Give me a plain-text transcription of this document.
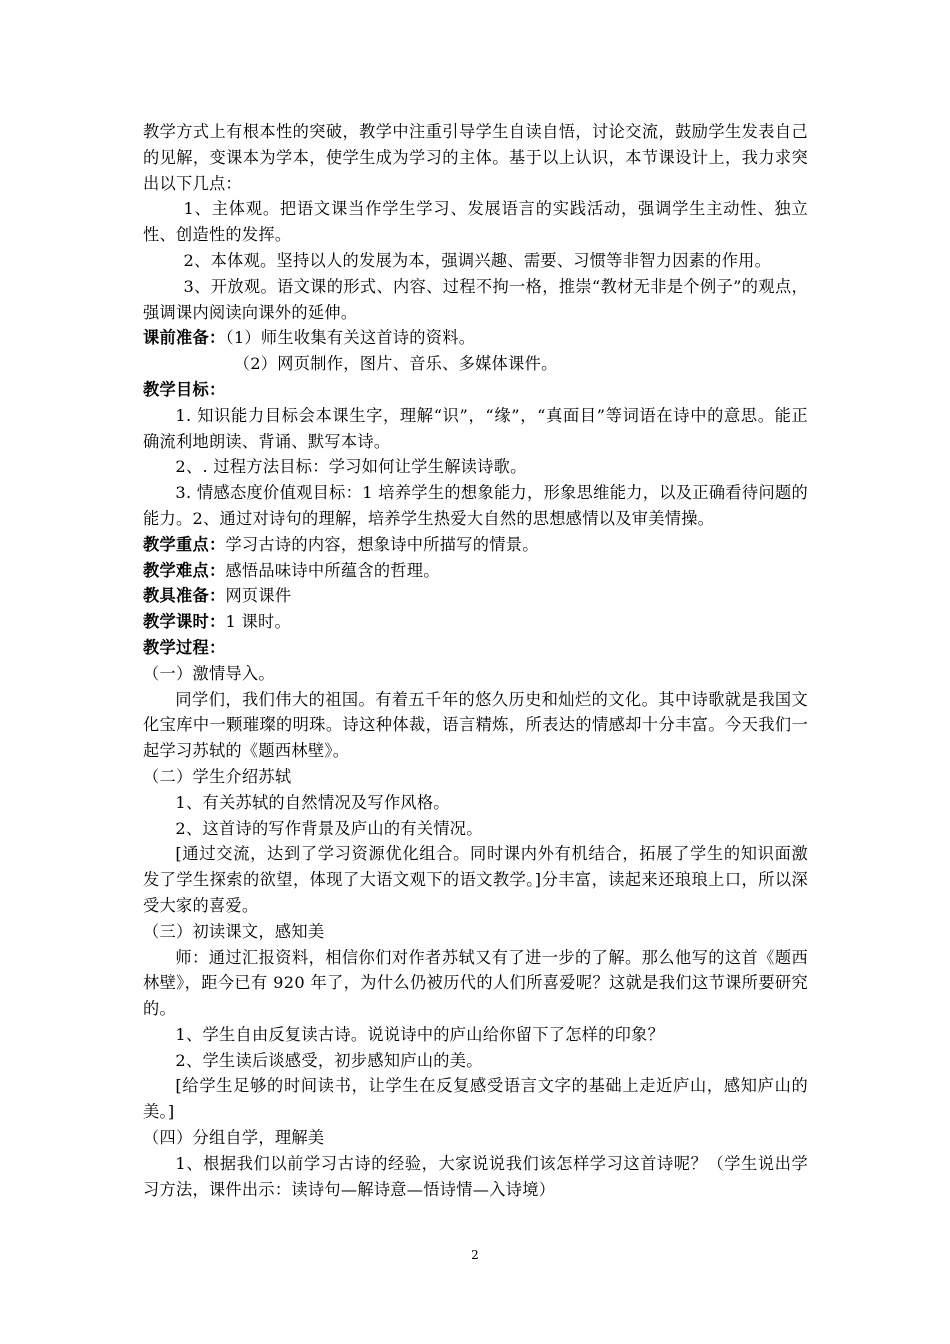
教学方式上有根本性的突破，教学中注重引导学生自读自悟，讨论交流，鼓励学生发表自己的见解，变课本为学本，使学生成为学习的主体。基于以上认识，本节课设计上，我力求突出以下几点：

1、主体观。把语文课当作学生学习、发展语言的实践活动，强调学生主动性、独立性、创造性的发挥。

2、本体观。坚持以人的发展为本，强调兴趣、需要、习惯等非智力因素的作用。

3、开放观。语文课的形式、内容、过程不拘一格，推崇“教材无非是个例子”的观点，强调课内阅读向课外的延伸。

课前准备：（1）师生收集有关这首诗的资料。

（2）网页制作，图片、音乐、多媒体课件。

教学目标：

1. 知识能力目标会本课生字，理解“识”，“缘”，“真面目”等词语在诗中的意思。能正确流利地朗读、背诵、默写本诗。

2、. 过程方法目标：学习如何让学生解读诗歌。

3. 情感态度价值观目标：1 培养学生的想象能力，形象思维能力，以及正确看待问题的能力。2、通过对诗句的理解，培养学生热爱大自然的思想感情以及审美情操。

教学重点：学习古诗的内容，想象诗中所描写的情景。

教学难点：感悟品味诗中所蕴含的哲理。

教具准备：网页课件

教学课时：1 课时。

教学过程：

（一）激情导入。

同学们，我们伟大的祖国。有着五千年的悠久历史和灿烂的文化。其中诗歌就是我国文化宝库中一颗璀璨的明珠。诗这种体裁，语言精炼，所表达的情感却十分丰富。今天我们一起学习苏轼的《题西林壁》。

（二）学生介绍苏轼

1、有关苏轼的自然情况及写作风格。

2、这首诗的写作背景及庐山的有关情况。

[通过交流，达到了学习资源优化组合。同时课内外有机结合，拓展了学生的知识面激发了学生探索的欲望，体现了大语文观下的语文教学。]分丰富，读起来还琅琅上口，所以深受大家的喜爱。

（三）初读课文，感知美

师：通过汇报资料，相信你们对作者苏轼又有了进一步的了解。那么他写的这首《题西林壁》，距今已有 920 年了，为什么仍被历代的人们所喜爱呢？这就是我们这节课所要研究的。

1、学生自由反复读古诗。说说诗中的庐山给你留下了怎样的印象？

2、学生读后谈感受，初步感知庐山的美。

[给学生足够的时间读书，让学生在反复感受语言文字的基础上走近庐山，感知庐山的美。]

（四）分组自学，理解美

1、根据我们以前学习古诗的经验，大家说说我们该怎样学习这首诗呢？（学生说出学习方法，课件出示：读诗句—解诗意—悟诗情—入诗境）

2
